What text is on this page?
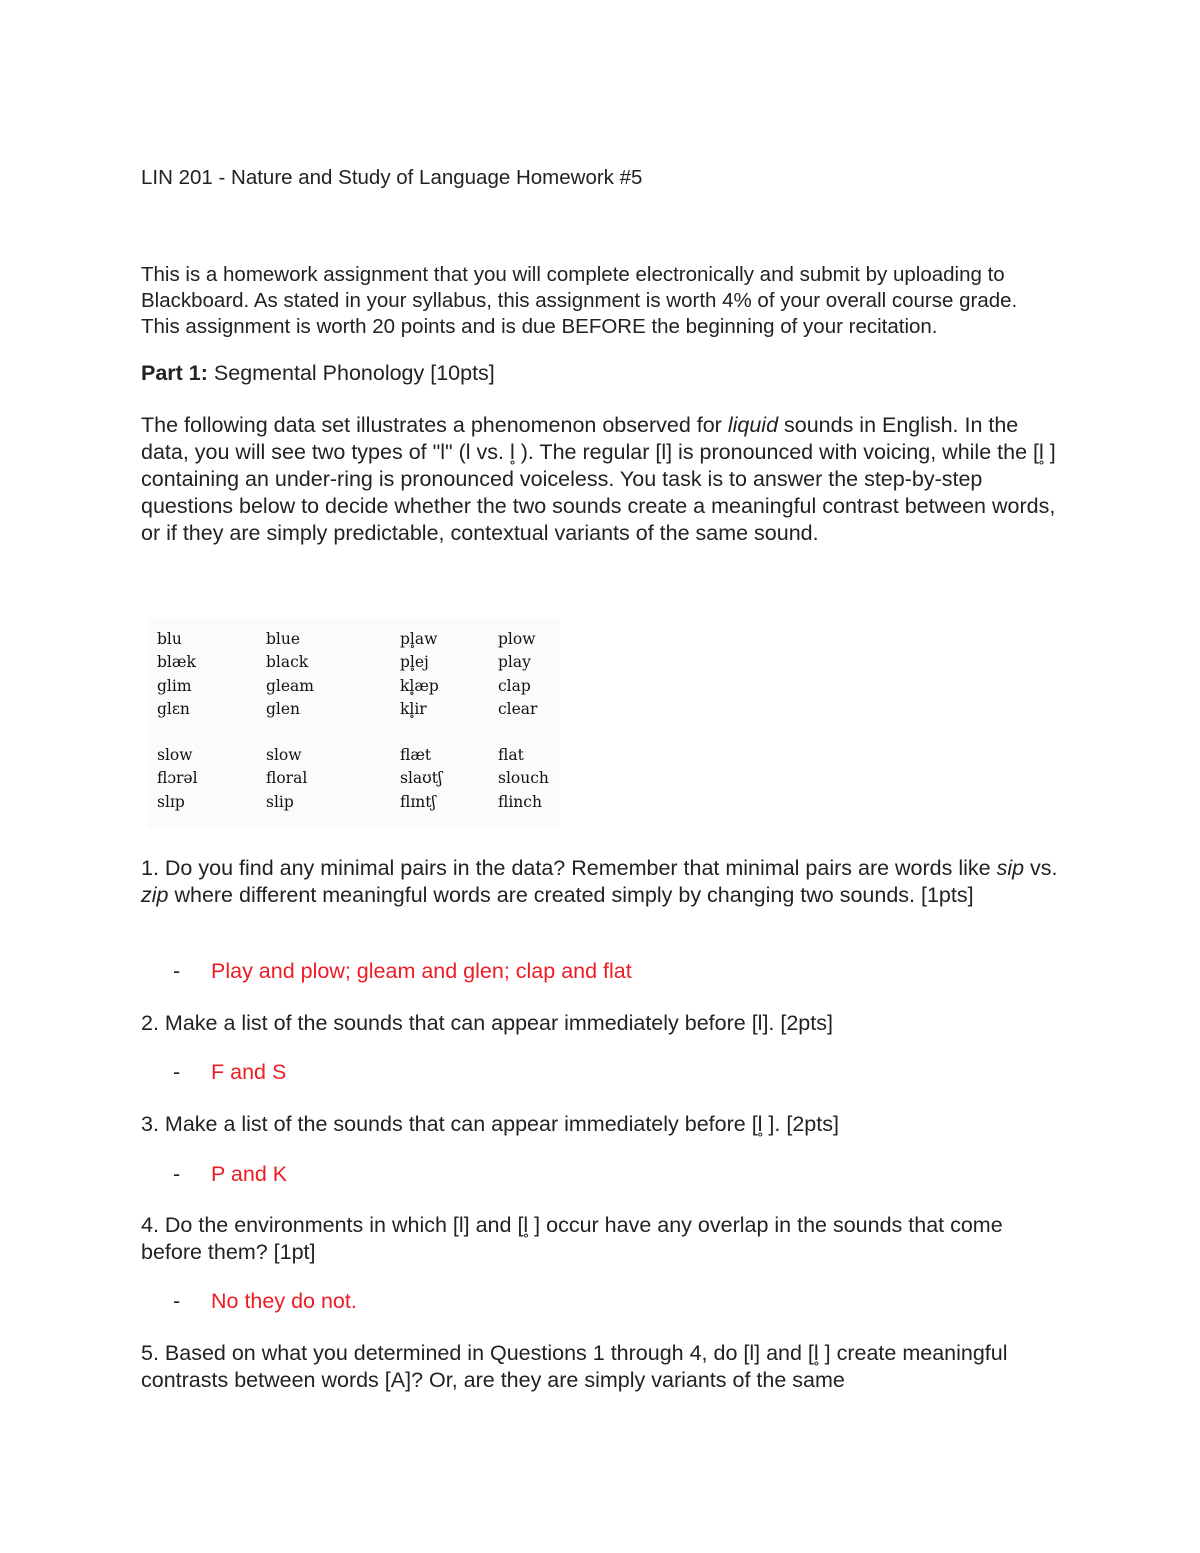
LIN 201 - Nature and Study of Language Homework #5
This is a homework assignment that you will complete electronically and submit by uploading to Blackboard. As stated in your syllabus, this assignment is worth 4% of your overall course grade. This assignment is worth 20 points and is due BEFORE the beginning of your recitation.
Part 1: Segmental Phonology [10pts]
The following data set illustrates a phenomenon observed for liquid sounds in English. In the data, you will see two types of "l" (l vs. l̥ ). The regular [l] is pronounced with voicing, while the [l̥ ] containing an under-ring is pronounced voiceless. You task is to answer the step-by-step questions below to decide whether the two sounds create a meaningful contrast between words, or if they are simply predictable, contextual variants of the same sound.
blu
blæk
glim
glɛn
slow
flɔrəl
slɪp
blue
black
gleam
glen
slow
floral
slip
pl̥aw
pl̥ej
kl̥æp
kl̥ir
flæt
slaʊtʃ
flɪntʃ
plow
play
clap
clear
flat
slouch
flinch
1. Do you find any minimal pairs in the data? Remember that minimal pairs are words like sip vs. zip where different meaningful words are created simply by changing two sounds. [1pts]
- Play and plow; gleam and glen; clap and flat
2. Make a list of the sounds that can appear immediately before [l]. [2pts]
- F and S
3. Make a list of the sounds that can appear immediately before [l̥ ]. [2pts]
- P and K
4. Do the environments in which [l] and [l̥ ] occur have any overlap in the sounds that come before them? [1pt]
- No they do not.
5. Based on what you determined in Questions 1 through 4, do [l] and [l̥ ] create meaningful contrasts between words [A]? Or, are they are simply variants of the same
